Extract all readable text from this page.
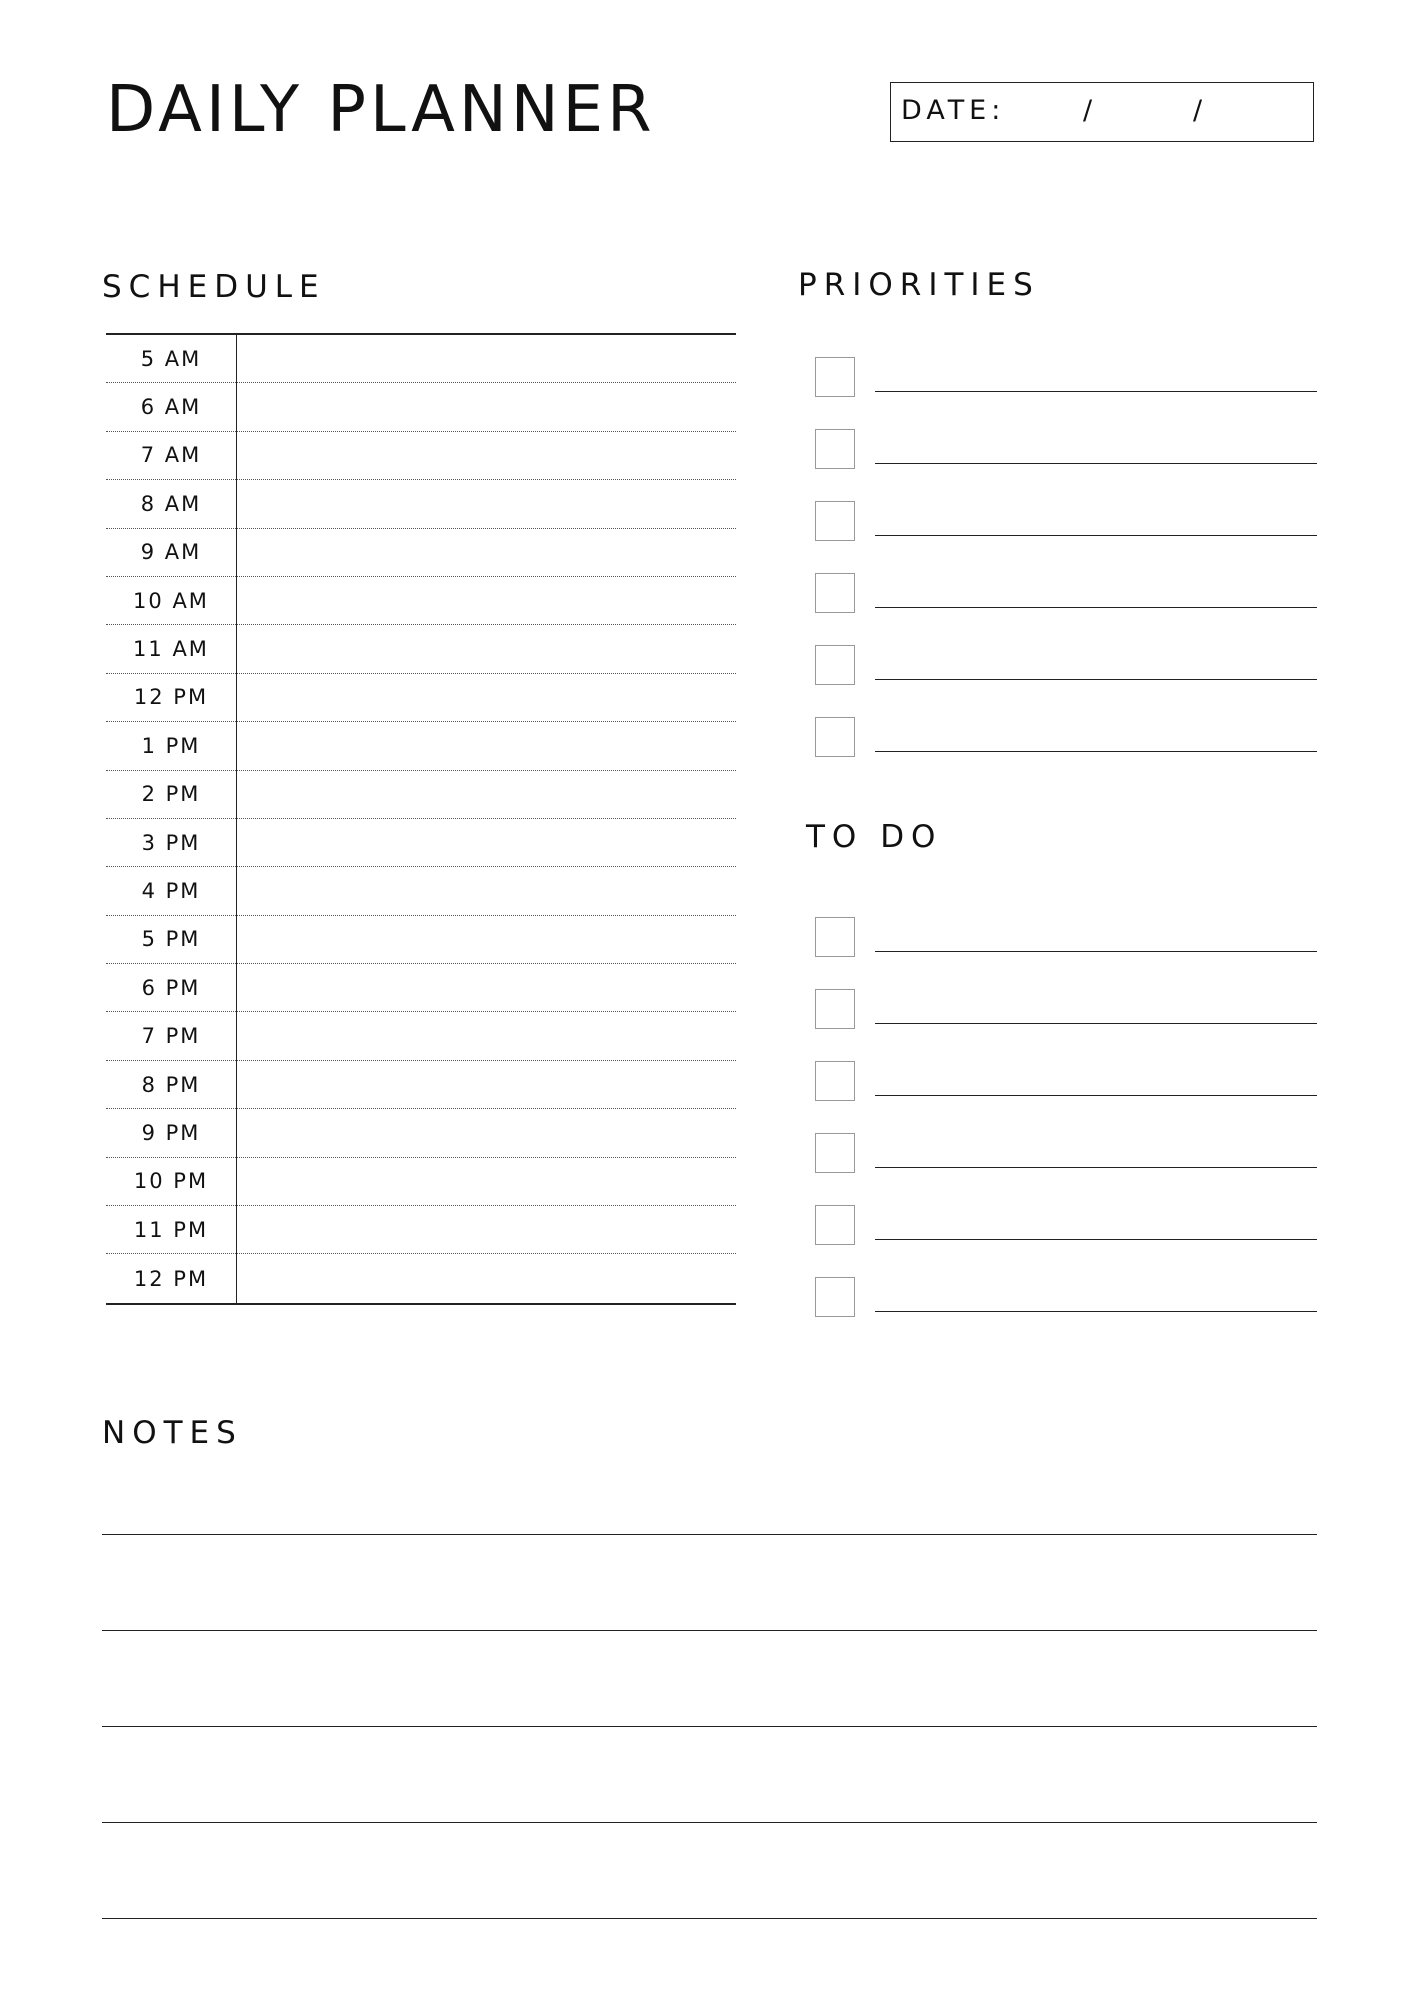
DAILY PLANNER	DATE:	/	/
SCHEDULE
5 AM
6 AM
7 AM
8 AM
9 AM
10 AM
11 AM
12 PM
1 PM
2 PM
3 PM
4 PM
5 PM
6 PM
7 PM
8 PM
9 PM
10 PM
11 PM
12 PM
PRIORITIES
TO DO
NOTES
